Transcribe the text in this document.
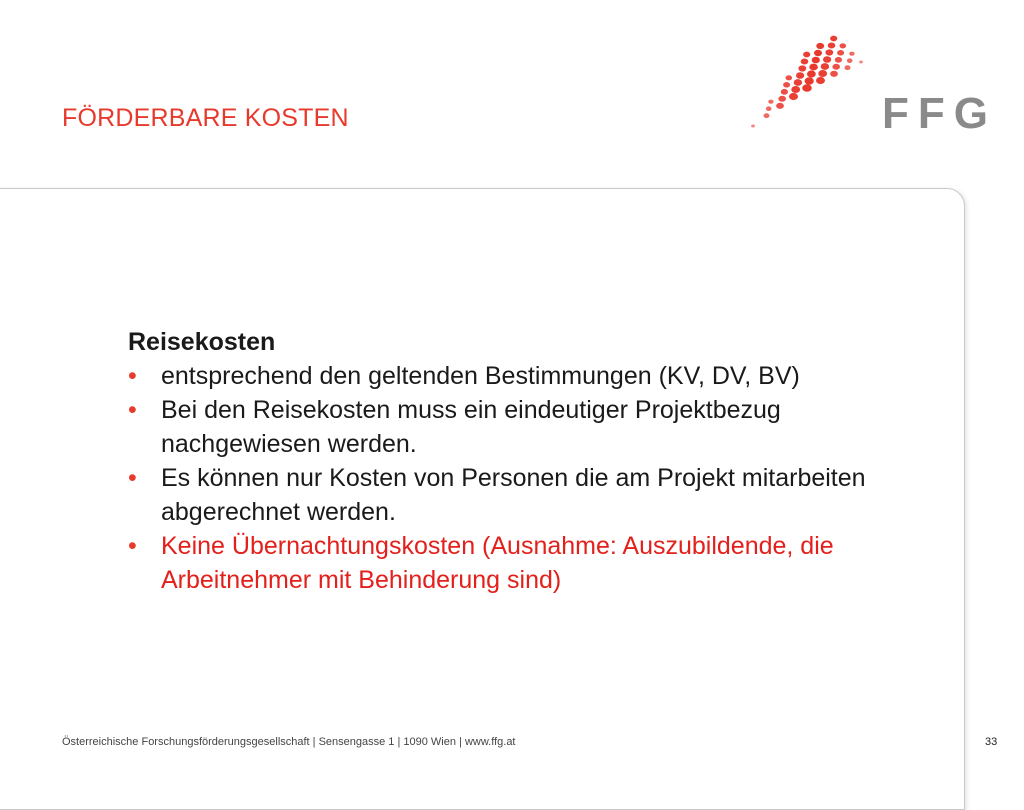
FÖRDERBARE KOSTEN	FFG
Reisekosten
• entsprechend den geltenden Bestimmungen (KV, DV, BV)
• Bei den Reisekosten muss ein eindeutiger Projektbezug nachgewiesen werden.
• Es können nur Kosten von Personen die am Projekt mitarbeiten abgerechnet werden.
• Keine Übernachtungskosten (Ausnahme: Auszubildende, die Arbeitnehmer mit Behinderung sind)
Österreichische Forschungsförderungsgesellschaft | Sensengasse 1 | 1090 Wien | www.ffg.at	33
